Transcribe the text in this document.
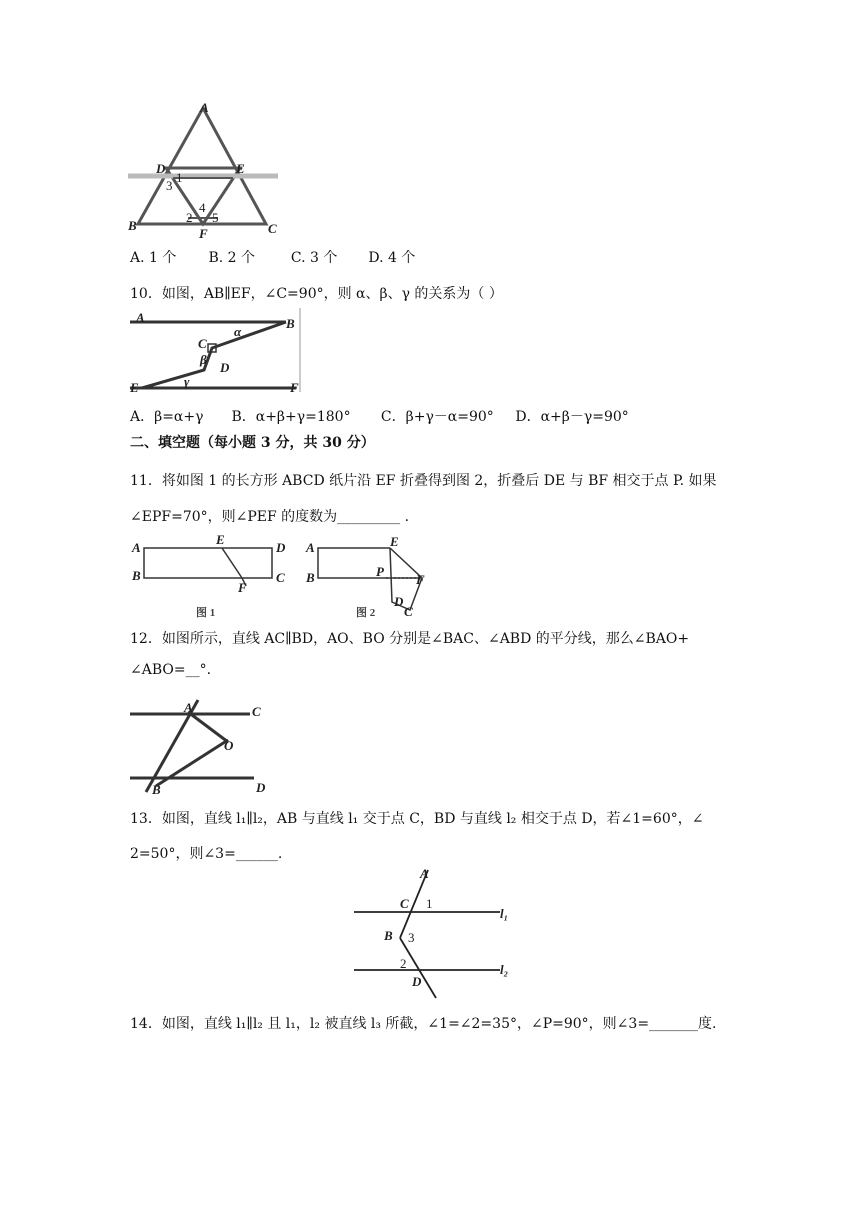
A
D	E
B	C
F
1
3
2
4
5
A. 1 个 B. 2 个	C. 3 个 D. 4 个
10．如图，AB∥EF，∠C=90°，则 α、β、γ 的关系为（ ）
A	B
C
D
E	F
α
β
γ
A．β=α+γ B．α+β+γ=180° C．β+γ－α=90° D．α+β－γ=90°
二、填空题（每小题 3 分，共 30 分）
11．将如图 1 的长方形 ABCD 纸片沿 EF 折叠得到图 2，折叠后 DE 与 BF 相交于点 P. 如果
∠EPF=70°，则∠PEF 的度数为_________ .
A
B
E
D
C
F
图 1
A
B
E
P
F
D
C
图 2
12．如图所示，直线 AC∥BD，AO、BO 分别是∠BAC、∠ABD 的平分线，那么∠BAO+
∠ABO=__°.
A	C
O
B	D
13．如图，直线 l₁∥l₂，AB 与直线 l₁ 交于点 C，BD 与直线 l₂ 相交于点 D，若∠1=60°，∠
2=50°，则∠3=______.
A
C 1
B 3
2
D
l₁
l₂
14．如图，直线 l₁∥l₂ 且 l₁，l₂ 被直线 l₃ 所截，∠1=∠2=35°，∠P=90°，则∠3=_______度.
